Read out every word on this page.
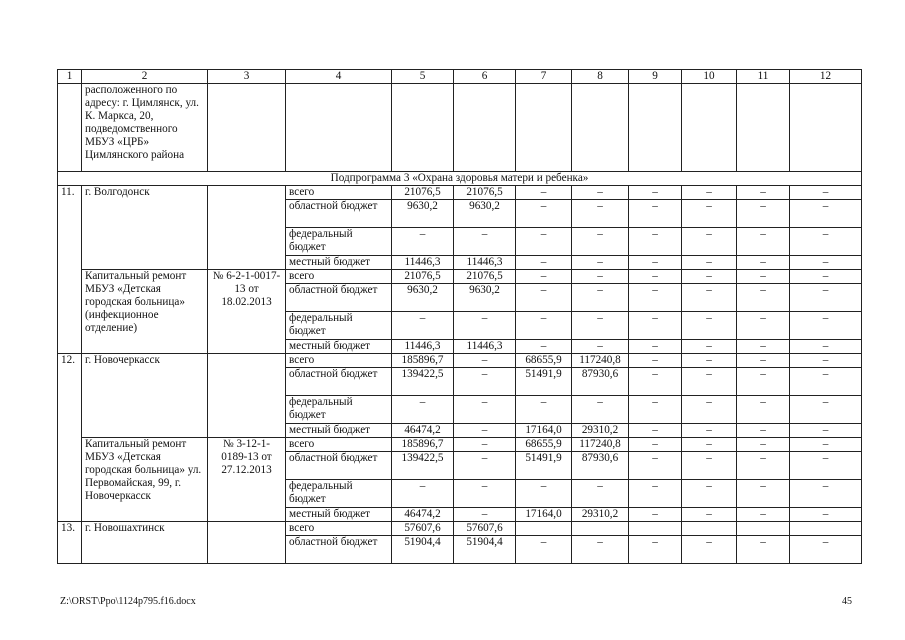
1	2	3	4	5	6	7	8	9	10	11	12
	расположенного по адресу: г. Цимлянск, ул. К. Маркса, 20, подведомственного МБУЗ «ЦРБ» Цимлянского района										
Подпрограмма 3 «Охрана здоровья матери и ребенка»											
11.	г. Волгодонск		всего	21076,5	21076,5	–	–	–	–	–	–
			областной бюджет	9630,2	9630,2	–	–	–	–	–	–
			федеральный бюджет	–	–	–	–	–	–	–	–
			местный бюджет	11446,3	11446,3	–	–	–	–	–	–
	Капитальный ремонт МБУЗ «Детская городская больница» (инфекционное отделение)	№ 6-2-1-0017-13 от 18.02.2013	всего	21076,5	21076,5	–	–	–	–	–	–
			областной бюджет	9630,2	9630,2	–	–	–	–	–	–
			федеральный бюджет	–	–	–	–	–	–	–	–
			местный бюджет	11446,3	11446,3	–	–	–	–	–	–
12.	г. Новочеркасск		всего	185896,7	–	68655,9	117240,8	–	–	–	–
			областной бюджет	139422,5	–	51491,9	87930,6	–	–	–	–
			федеральный бюджет	–	–	–	–	–	–	–	–
			местный бюджет	46474,2	–	17164,0	29310,2	–	–	–	–
	Капитальный ремонт МБУЗ «Детская городская больница» ул. Первомайская, 99, г. Новочеркасск	№ 3-12-1-0189-13 от 27.12.2013	всего	185896,7	–	68655,9	117240,8	–	–	–	–
			областной бюджет	139422,5	–	51491,9	87930,6	–	–	–	–
			федеральный бюджет	–	–	–	–	–	–	–	–
			местный бюджет	46474,2	–	17164,0	29310,2	–	–	–	–
13.	г. Новошахтинск		всего	57607,6	57607,6						
			областной бюджет	51904,4	51904,4	–	–	–	–	–	–
Z:\ORST\Ppo\1124p795.f16.docx	45
